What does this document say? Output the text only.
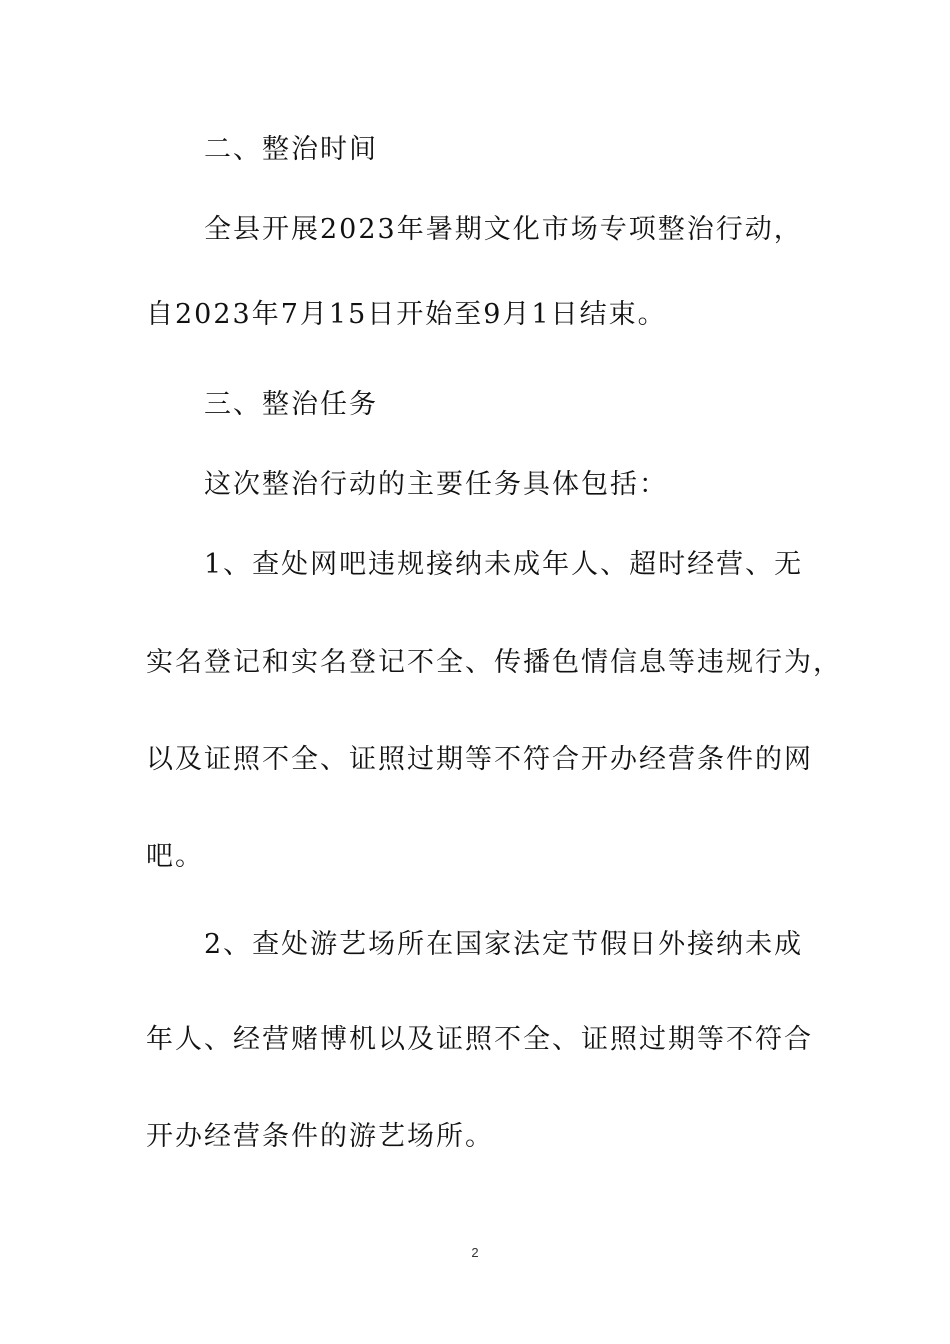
二、整治时间

全县开展2023年暑期文化市场专项整治行动，

自2023年7月15日开始至9月1日结束。

三、整治任务

这次整治行动的主要任务具体包括：

1、查处网吧违规接纳未成年人、超时经营、无

实名登记和实名登记不全、传播色情信息等违规行为，

以及证照不全、证照过期等不符合开办经营条件的网

吧。

2、查处游艺场所在国家法定节假日外接纳未成

年人、经营赌博机以及证照不全、证照过期等不符合

开办经营条件的游艺场所。

2
